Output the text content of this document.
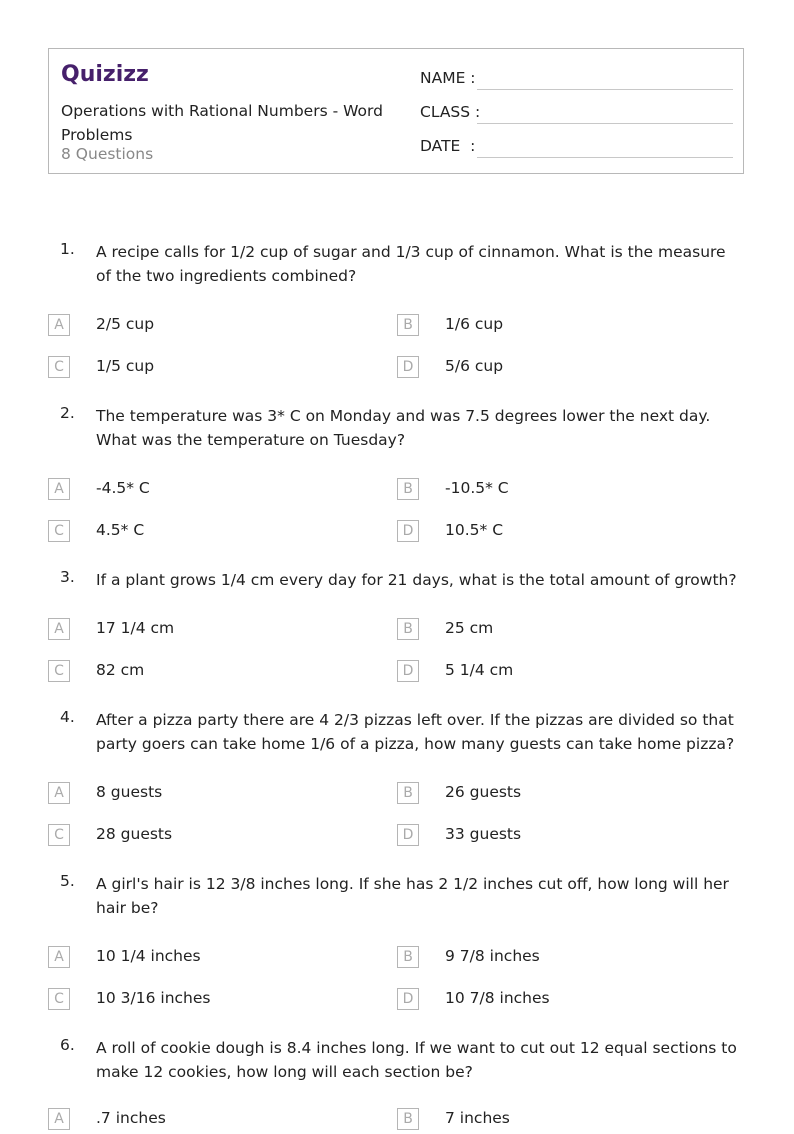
Quizizz
Operations with Rational Numbers - Word Problems
8 Questions
NAME :
CLASS :
DATE  :
1. A recipe calls for 1/2 cup of sugar and 1/3 cup of cinnamon. What is the measure of the two ingredients combined?
A	2/5 cup	B	1/6 cup
C	1/5 cup	D	5/6 cup
2. The temperature was 3* C on Monday and was 7.5 degrees lower the next day. What was the temperature on Tuesday?
A	-4.5* C	B	-10.5* C
C	4.5* C	D	10.5* C
3. If a plant grows 1/4 cm every day for 21 days, what is the total amount of growth?
A	17 1/4 cm	B	25 cm
C	82 cm	D	5 1/4 cm
4. After a pizza party there are 4 2/3 pizzas left over. If the pizzas are divided so that party goers can take home 1/6 of a pizza, how many guests can take home pizza?
A	8 guests	B	26 guests
C	28 guests	D	33 guests
5. A girl's hair is 12 3/8 inches long. If she has 2 1/2 inches cut off, how long will her hair be?
A	10 1/4 inches	B	9 7/8 inches
C	10 3/16 inches	D	10 7/8 inches
6. A roll of cookie dough is 8.4 inches long. If we want to cut out 12 equal sections to make 12 cookies, how long will each section be?
A	.7 inches	B	7 inches
